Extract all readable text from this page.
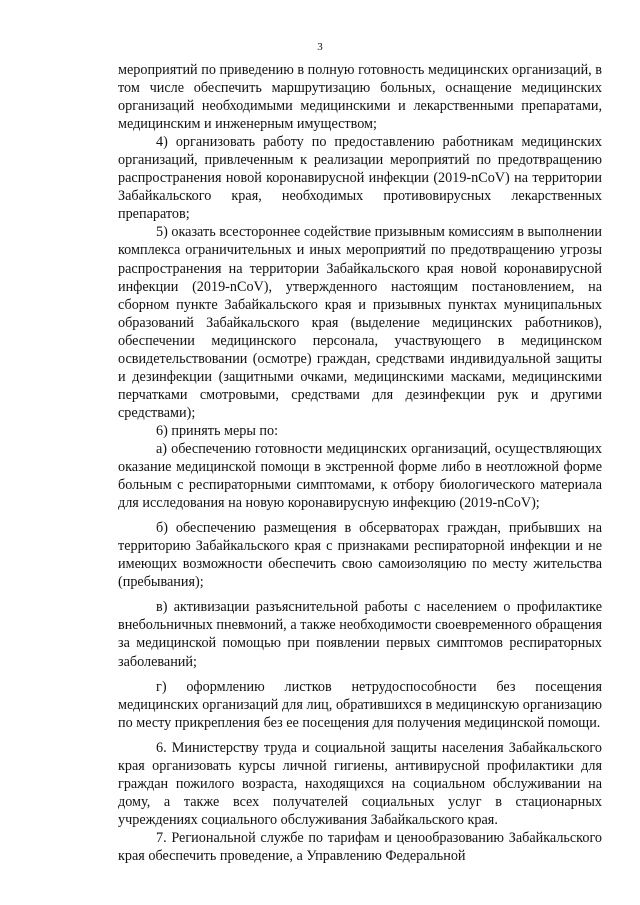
3

мероприятий по приведению в полную готовность медицинских организаций, в том числе обеспечить маршрутизацию больных, оснащение медицинских организаций необходимыми медицинскими и лекарственными препаратами, медицинским и инженерным имуществом;

4) организовать работу по предоставлению работникам медицинских организаций, привлеченным к реализации мероприятий по предотвращению распространения новой коронавирусной инфекции (2019-nCoV) на территории Забайкальского края, необходимых противовирусных лекарственных препаратов;

5) оказать всестороннее содействие призывным комиссиям в выполнении комплекса ограничительных и иных мероприятий по предотвращению угрозы распространения на территории Забайкальского края новой коронавирусной инфекции (2019-nCoV), утвержденного настоящим постановлением, на сборном пункте Забайкальского края и призывных пунктах муниципальных образований Забайкальского края (выделение медицинских работников), обеспечении медицинского персонала, участвующего в медицинском освидетельствовании (осмотре) граждан, средствами индивидуальной защиты и дезинфекции (защитными очками, медицинскими масками, медицинскими перчатками смотровыми, средствами для дезинфекции рук и другими средствами);

6) принять меры по:

а) обеспечению готовности медицинских организаций, осуществляющих оказание медицинской помощи в экстренной форме либо в неотложной форме больным с респираторными симптомами, к отбору биологического материала для исследования на новую коронавирусную инфекцию (2019-nCoV);

б) обеспечению размещения в обсерваторах граждан, прибывших на территорию Забайкальского края с признаками респираторной инфекции и не имеющих возможности обеспечить свою самоизоляцию по месту жительства (пребывания);

в) активизации разъяснительной работы с населением о профилактике внебольничных пневмоний, а также необходимости своевременного обращения за медицинской помощью при появлении первых симптомов респираторных заболеваний;

г) оформлению листков нетрудоспособности без посещения медицинских организаций для лиц, обратившихся в медицинскую организацию по месту прикрепления без ее посещения для получения медицинской помощи.

6. Министерству труда и социальной защиты населения Забайкальского края организовать курсы личной гигиены, антивирусной профилактики для граждан пожилого возраста, находящихся на социальном обслуживании на дому, а также всех получателей социальных услуг в стационарных учреждениях социального обслуживания Забайкальского края.

7. Региональной службе по тарифам и ценообразованию Забайкальского края обеспечить проведение, а Управлению Федеральной
